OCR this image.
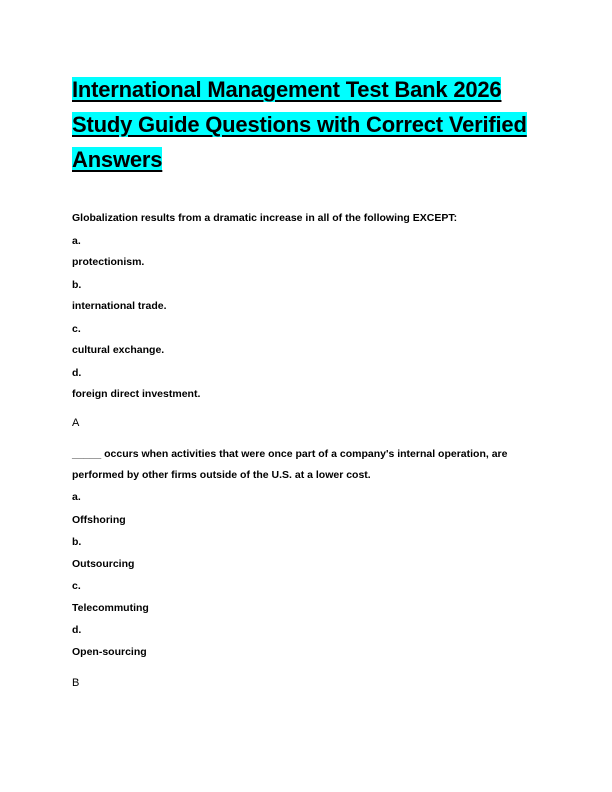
International Management Test Bank 2026 Study Guide Questions with Correct Verified Answers

Globalization results from a dramatic increase in all of the following EXCEPT:

a.

protectionism.

b.

international trade.

c.

cultural exchange.

d.

foreign direct investment.

A

_____ occurs when activities that were once part of a company's internal operation, are

performed by other firms outside of the U.S. at a lower cost.

a.

Offshoring

b.

Outsourcing

c.

Telecommuting

d.

Open-sourcing

B
